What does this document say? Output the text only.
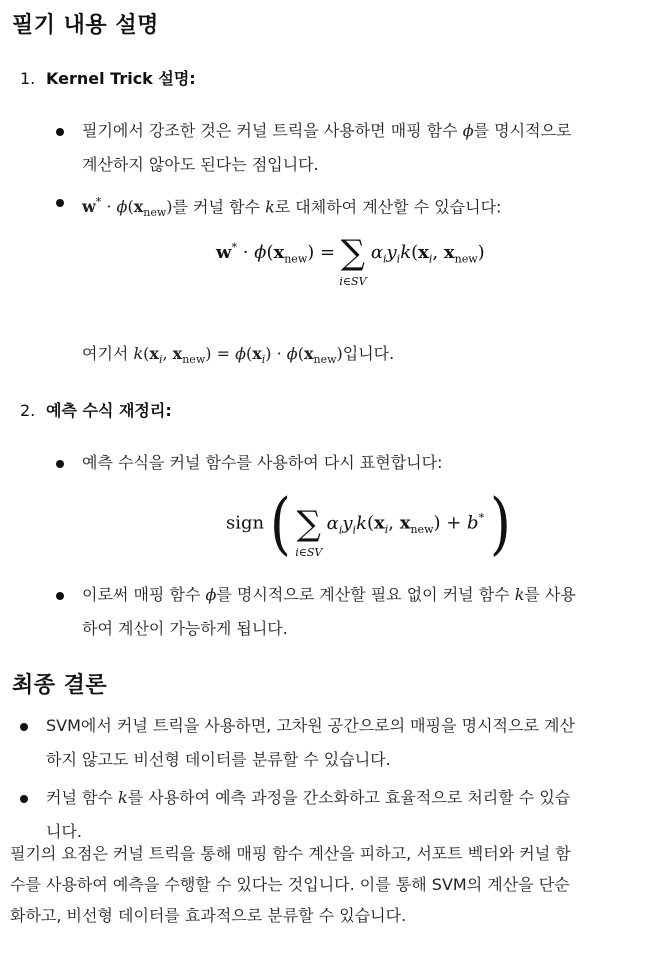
필기 내용 설명
1. Kernel Trick 설명:
필기에서 강조한 것은 커널 트릭을 사용하면 매핑 함수 ϕ를 명시적으로
계산하지 않아도 된다는 점입니다.
$w^* \cdot \phi(x_{new})$를 커널 함수 k로 대체하여 계산할 수 있습니다:
$w^* \cdot \phi(x_{new})$ = ∑
i∈SV
$\alpha_iy_ik(x_i$, $x_{new}$)
여기서 $k(x_i$, $x_{new}) = \phi(x_i) \cdot \phi(x_{new})$입니다.
2. 예측 수식 재정리:
예측 수식을 커널 함수를 사용하여 다시 표현합니다:
sign ( ∑
i∈SV
$\alpha_iy_ik(x_i$, $x_{new}) + b^*$ )
이로써 매핑 함수 ϕ를 명시적으로 계산할 필요 없이 커널 함수 k를 사용
하여 계산이 가능하게 됩니다.
최종 결론
SVM에서 커널 트릭을 사용하면, 고차원 공간으로의 매핑을 명시적으로 계산
하지 않고도 비선형 데이터를 분류할 수 있습니다.
커널 함수 k를 사용하여 예측 과정을 간소화하고 효율적으로 처리할 수 있습
니다.
필기의 요점은 커널 트릭을 통해 매핑 함수 계산을 피하고, 서포트 벡터와 커널 함
수를 사용하여 예측을 수행할 수 있다는 것입니다. 이를 통해 SVM의 계산을 단순
화하고, 비선형 데이터를 효과적으로 분류할 수 있습니다.
